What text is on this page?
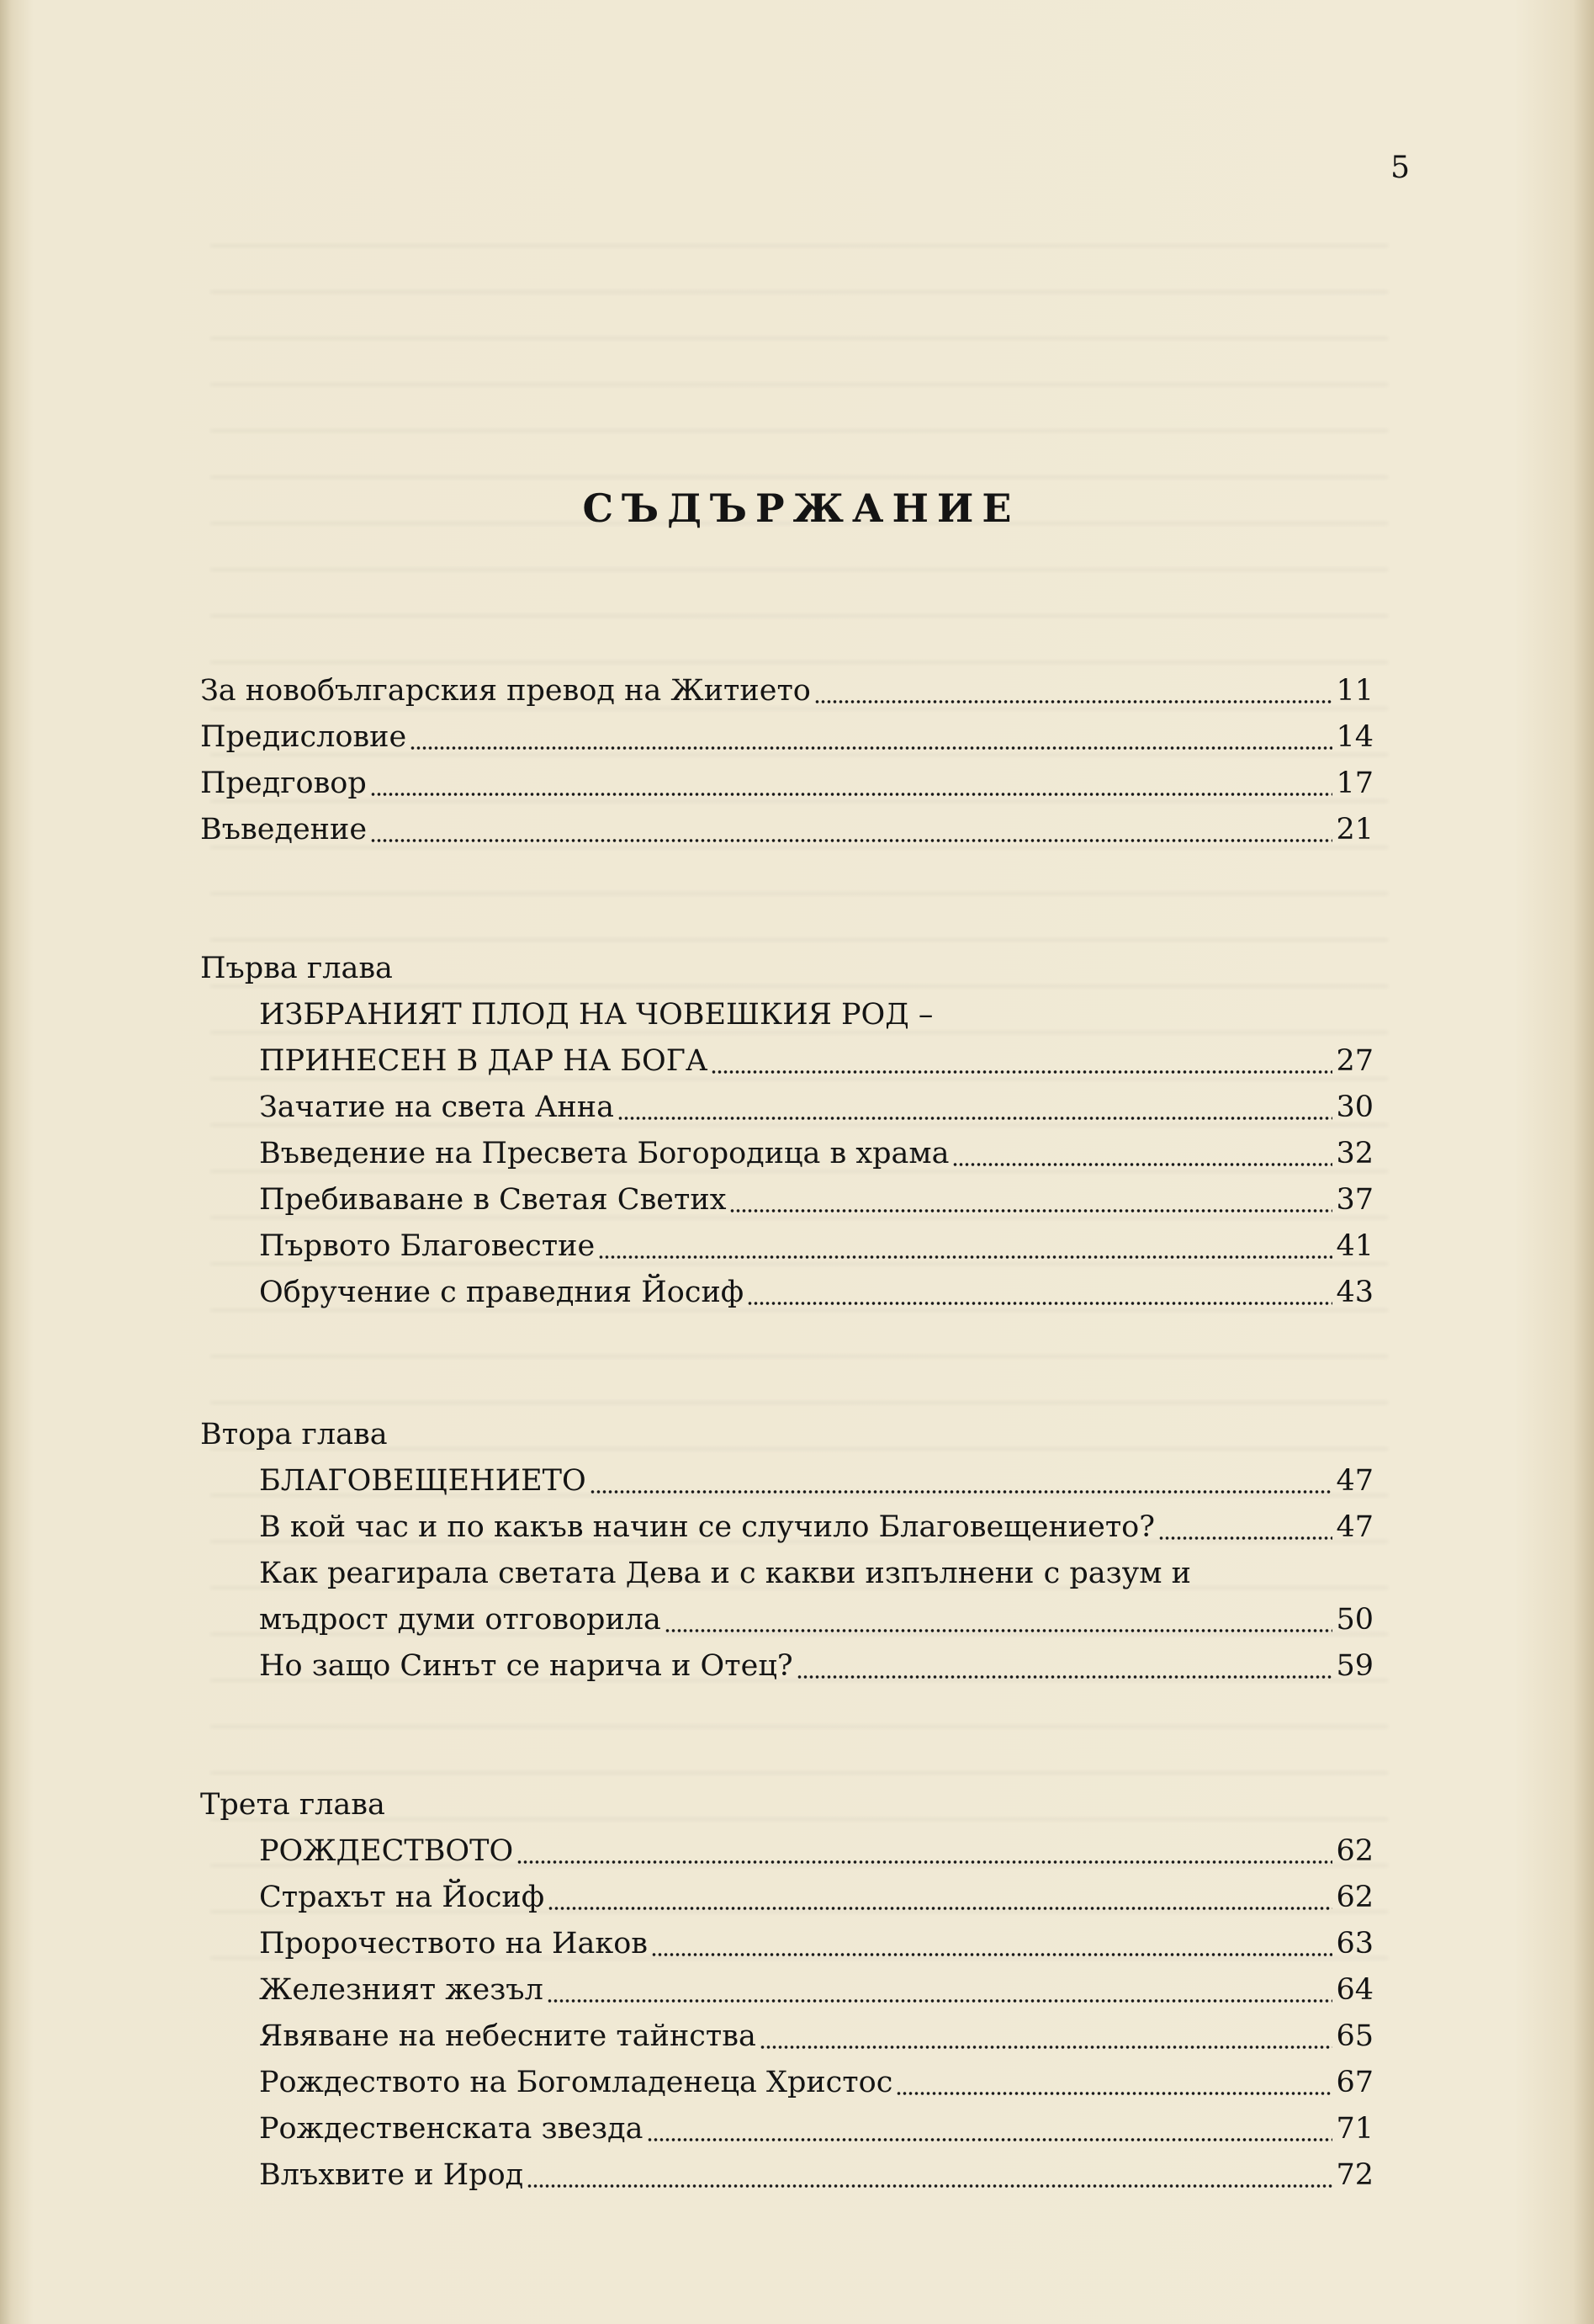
5
СЪДЪРЖАНИЕ
За новобългарския превод на Житието	11
Предисловие	14
Предговор	17
Въведение	21
Първа глава
ИЗБРАНИЯТ ПЛОД НА ЧОВЕШКИЯ РОД –
ПРИНЕСЕН В ДАР НА БОГА	27
Зачатие на света Анна	30
Въведение на Пресвета Богородица в храма	32
Пребиваване в Светая Светих	37
Първото Благовестие	41
Обручение с праведния Йосиф	43
Втора глава
БЛАГОВЕЩЕНИЕТО	47
В кой час и по какъв начин се случило Благовещението?	47
Как реагирала светата Дева и с какви изпълнени с разум и
мъдрост думи отговорила	50
Но защо Синът се нарича и Отец?	59
Трета глава
РОЖДЕСТВОТО	62
Страхът на Йосиф	62
Пророчеството на Иаков	63
Железният жезъл	64
Явяване на небесните тайнства	65
Рождеството на Богомладенеца Христос	67
Рождественската звезда	71
Влъхвите и Ирод	72
